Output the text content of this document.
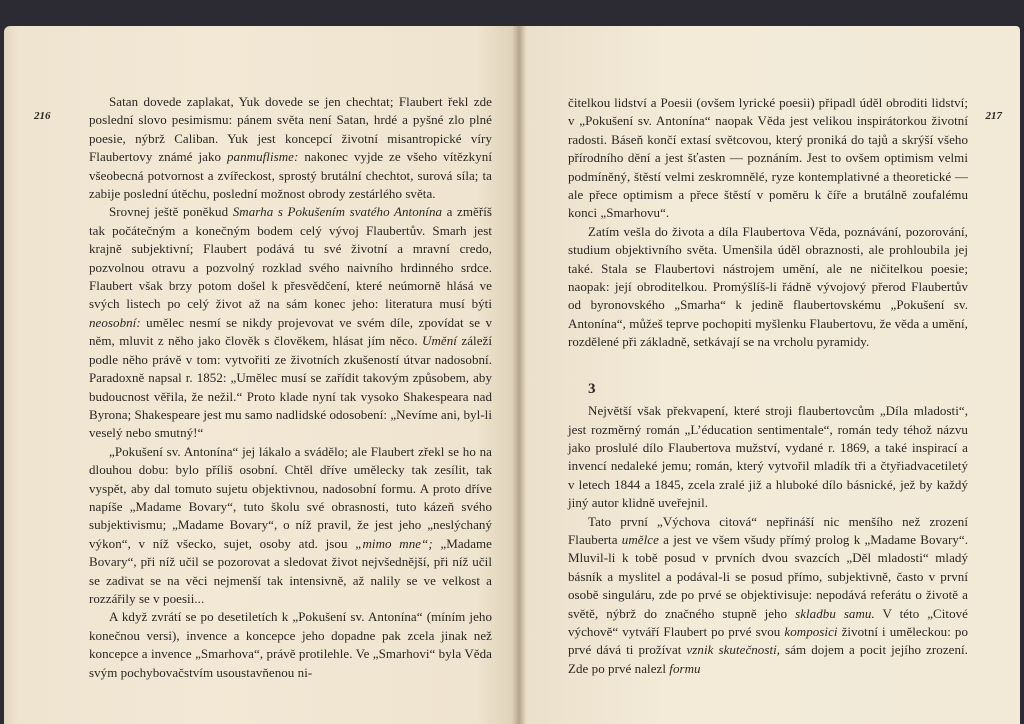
216

Satan dovede zaplakat, Yuk dovede se jen chechtat; Flaubert řekl zde poslední slovo pesimismu: pánem světa není Satan, hrdé a pyšné zlo plné poesie, nýbrž Caliban. Yuk jest koncepcí životní misantropické víry Flaubertovy známé jako panmuflisme: nakonec vyjde ze všeho vítězkyní všeobecná potvornost a zvířeckost, sprostý brutální chechtot, surová síla; ta zabije poslední útěchu, poslední možnost obrody zestárlého světa.

Srovnej ještě poněkud Smarha s Pokušením svatého Antonína a změříš tak počátečným a konečným bodem celý vývoj Flaubertův. Smarh jest krajně subjektivní; Flaubert podává tu své životní a mravní credo, pozvolnou otravu a pozvolný rozklad svého naivního hrdinného srdce. Flaubert však brzy potom došel k přesvědčení, které neúmorně hlásá ve svých listech po celý život až na sám konec jeho: literatura musí býti neosobní: umělec nesmí se nikdy projevovat ve svém díle, zpovídat se v něm, mluvit z něho jako člověk s člověkem, hlásat jím něco. Umění záleží podle něho právě v tom: vytvořiti ze životních zkušeností útvar nadosobní. Paradoxně napsal r. 1852: „Umělec musí se zařídit takovým způsobem, aby budoucnost věřila, že nežil.“ Proto klade nyní tak vysoko Shakespeara nad Byrona; Shakespeare jest mu samo nadlidské odosobení: „Nevíme ani, byl-li veselý nebo smutný!“

„Pokušení sv. Antonína“ jej lákalo a svádělo; ale Flaubert zřekl se ho na dlouhou dobu: bylo příliš osobní. Chtěl dříve umělecky tak zesílit, tak vyspět, aby dal tomuto sujetu objektivnou, nadosobní formu. A proto dříve napíše „Madame Bovary“, tuto školu své obrasnosti, tuto kázeň svého subjektivismu; „Madame Bovary“, o níž pravil, že jest jeho „neslýchaný výkon“, v níž všecko, sujet, osoby atd. jsou „mimo mne“; „Madame Bovary“, při níž učil se pozorovat a sledovat život nejvšednější, při níž učil se zadivat se na věci nejmenší tak intensivně, až nalily se ve velkost a rozzářily se v poesii...

A když zvrátí se po desetiletích k „Pokušení sv. Antonína“ (míním jeho konečnou versi), invence a koncepce jeho dopadne pak zcela jinak než koncepce a invence „Smarhova“, právě protilehle. Ve „Smarhovi“ byla Věda svým pochybovačstvím usoustavňenou ni-

217

čitelkou lidství a Poesii (ovšem lyrické poesii) připadl úděl obroditi lidství; v „Pokušení sv. Antonína“ naopak Věda jest velikou inspirátorkou životní radosti. Báseň končí extasí světcovou, který proniká do tajů a skrýší všeho přírodního dění a jest šťasten — poznáním. Jest to ovšem optimism velmi podmíněný, štěstí velmi zeskromnělé, ryze kontemplativné a theoretické — ale přece optimism a přece štěstí v poměru k číře a brutálně zoufalému konci „Smarhovu“.

Zatím vešla do života a díla Flaubertova Věda, poznávání, pozorování, studium objektivního světa. Umenšila úděl obraznosti, ale prohloubila jej také. Stala se Flaubertovi nástrojem umění, ale ne ničitelkou poesie; naopak: její obroditelkou. Promýšlíš-li řádně vývojový přerod Flaubertův od byronovského „Smarha“ k jedině flaubertovskému „Pokušení sv. Antonína“, můžeš teprve pochopiti myšlenku Flaubertovu, že věda a umění, rozdělené při základně, setkávají se na vrcholu pyramidy.

3

Největší však překvapení, které stroji flaubertovcům „Díla mladosti“, jest rozměrný román „L’éducation sentimentale“, román tedy téhož názvu jako proslulé dílo Flaubertova mužství, vydané r. 1869, a také inspirací a invencí nedaleké jemu; román, který vytvořil mladík tři a čtyřiadvacetiletý v letech 1844 a 1845, zcela zralé již a hluboké dílo básnické, jež by každý jiný autor klidně uveřejnil.

Tato první „Výchova citová“ nepřináší nic menšího než zrození Flauberta umělce a jest ve všem všudy přímý prolog k „Madame Bovary“. Mluvil-li k tobě posud v prvních dvou svazcích „Děl mladosti“ mladý básník a myslitel a podával-li se posud přímo, subjektivně, často v první osobě singuláru, zde po prvé se objektivisuje: nepodává referátu o životě a světě, nýbrž do značného stupně jeho skladbu samu. V této „Citové výchově“ vytváří Flaubert po prvé svou komposici životní i uměleckou: po prvé dává ti prožívat vznik skutečnosti, sám dojem a pocit jejího zrození. Zde po prvé nalezl formu
